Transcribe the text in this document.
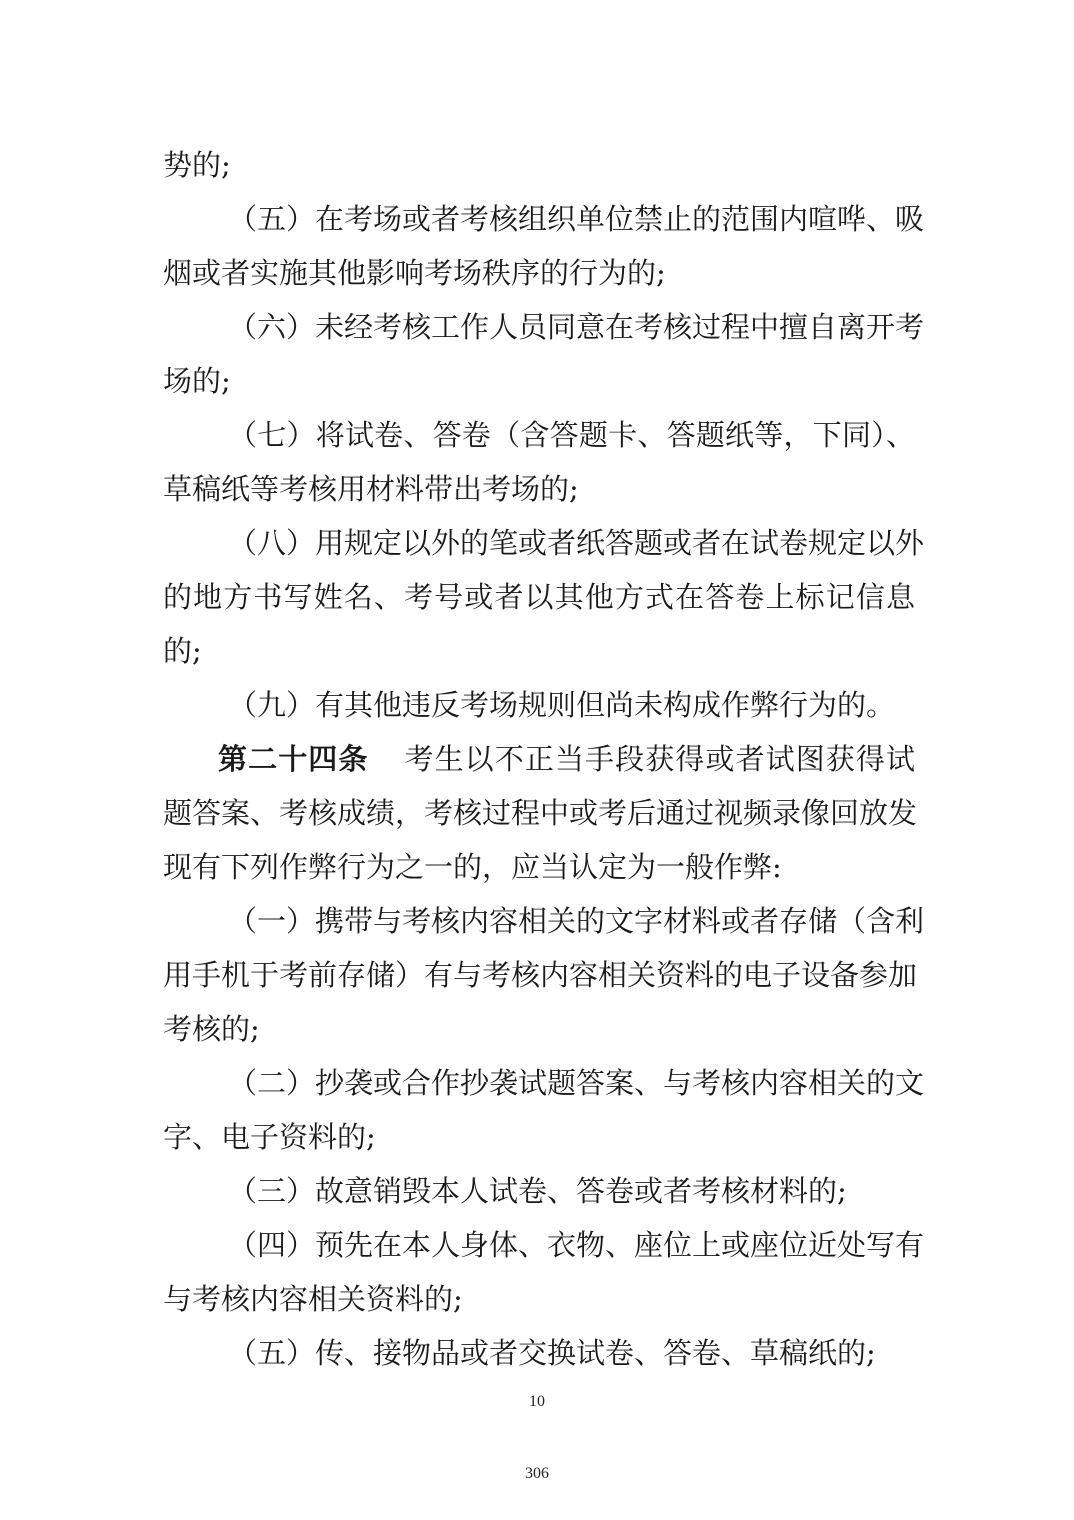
势的;
（五）在考场或者考核组织单位禁止的范围内喧哗、吸
烟或者实施其他影响考场秩序的行为的;
（六）未经考核工作人员同意在考核过程中擅自离开考
场的;
（七）将试卷、答卷（含答题卡、答题纸等，下同）、
草稿纸等考核用材料带出考场的;
（八）用规定以外的笔或者纸答题或者在试卷规定以外
的地方书写姓名、考号或者以其他方式在答卷上标记信息
的;
（九）有其他违反考场规则但尚未构成作弊行为的。
第二十四条 考生以不正当手段获得或者试图获得试
题答案、考核成绩，考核过程中或考后通过视频录像回放发
现有下列作弊行为之一的，应当认定为一般作弊:
（一）携带与考核内容相关的文字材料或者存储（含利
用手机于考前存储）有与考核内容相关资料的电子设备参加
考核的;
（二）抄袭或合作抄袭试题答案、与考核内容相关的文
字、电子资料的;
（三）故意销毁本人试卷、答卷或者考核材料的;
（四）预先在本人身体、衣物、座位上或座位近处写有
与考核内容相关资料的;
（五）传、接物品或者交换试卷、答卷、草稿纸的;
10
306
